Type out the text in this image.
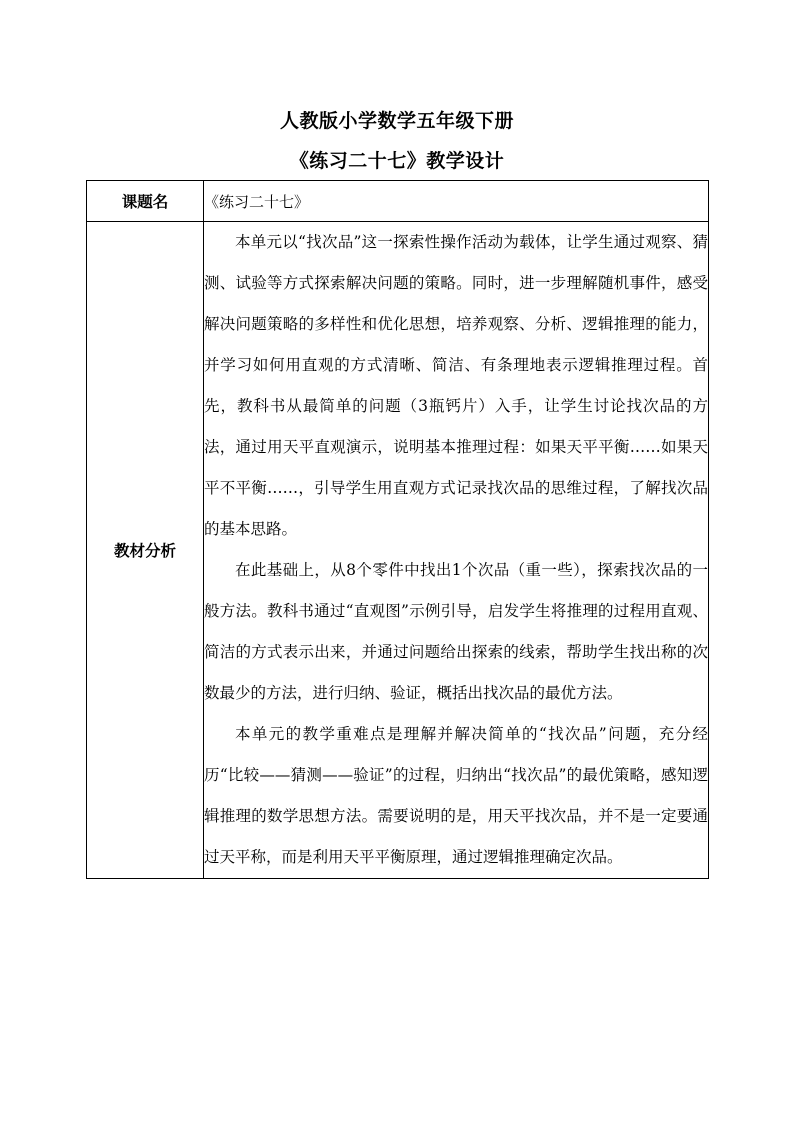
人教版小学数学五年级下册
《练习二十七》教学设计
课题名	《练习二十七》
教材分析	本单元以“找次品”这一探索性操作活动为载体，让学生通过观察、猜测、试验等方式探索解决问题的策略。同时，进一步理解随机事件，感受解决问题策略的多样性和优化思想，培养观察、分析、逻辑推理的能力，并学习如何用直观的方式清晰、简洁、有条理地表示逻辑推理过程。首先，教科书从最简单的问题（3瓶钙片）入手，让学生讨论找次品的方法，通过用天平直观演示，说明基本推理过程：如果天平平衡……如果天平不平衡……，引导学生用直观方式记录找次品的思维过程，了解找次品的基本思路。

在此基础上，从8个零件中找出1个次品（重一些），探索找次品的一般方法。教科书通过“直观图”示例引导，启发学生将推理的过程用直观、简洁的方式表示出来，并通过问题给出探索的线索，帮助学生找出称的次数最少的方法，进行归纳、验证，概括出找次品的最优方法。

本单元的教学重难点是理解并解决简单的“找次品”问题，充分经历“比较——猜测——验证”的过程，归纳出“找次品”的最优策略，感知逻辑推理的数学思想方法。需要说明的是，用天平找次品，并不是一定要通过天平称，而是利用天平平衡原理，通过逻辑推理确定次品。
